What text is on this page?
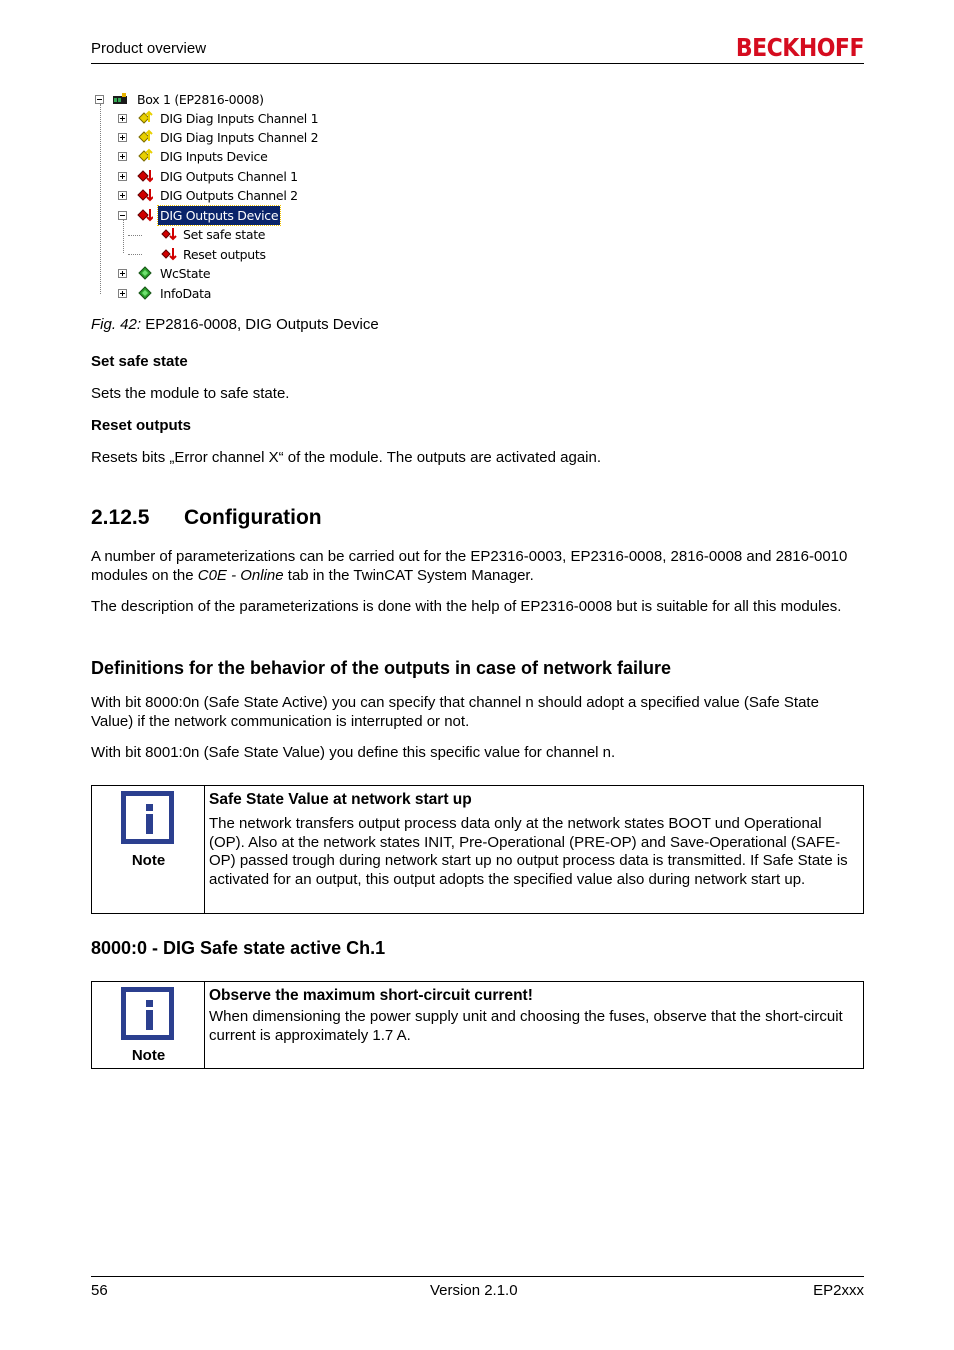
Product overview	BECKHOFF
Box 1 (EP2816-0008)
DIG Diag Inputs Channel 1
DIG Diag Inputs Channel 2
DIG Inputs Device
DIG Outputs Channel 1
DIG Outputs Channel 2
DIG Outputs Device
Set safe state
Reset outputs
WcState
InfoData
Fig. 42: EP2816-0008, DIG Outputs Device
Set safe state
Sets the module to safe state.
Reset outputs
Resets bits „Error channel X“ of the module. The outputs are activated again.
2.12.5 Configuration
A number of parameterizations can be carried out for the EP2316-0003, EP2316-0008, 2816-0008 and 2816-0010 modules on the C0E - Online tab in the TwinCAT System Manager.
The description of the parameterizations is done with the help of EP2316-0008 but is suitable for all this modules.
Definitions for the behavior of the outputs in case of network failure
With bit 8000:0n (Safe State Active) you can specify that channel n should adopt a specified value (Safe State Value) if the network communication is interrupted or not.
With bit 8001:0n (Safe State Value) you define this specific value for channel n.
Note
Safe State Value at network start up
The network transfers output process data only at the network states BOOT und Operational (OP). Also at the network states INIT, Pre-Operational (PRE-OP) and Save-Operational (SAFE-OP) passed trough during network start up no output process data is transmitted. If Safe State is activated for an output, this output adopts the specified value also during network start up.
8000:0 - DIG Safe state active Ch.1
Note
Observe the maximum short-circuit current!
When dimensioning the power supply unit and choosing the fuses, observe that the short-circuit current is approximately 1.7 A.
56	Version 2.1.0	EP2xxx
